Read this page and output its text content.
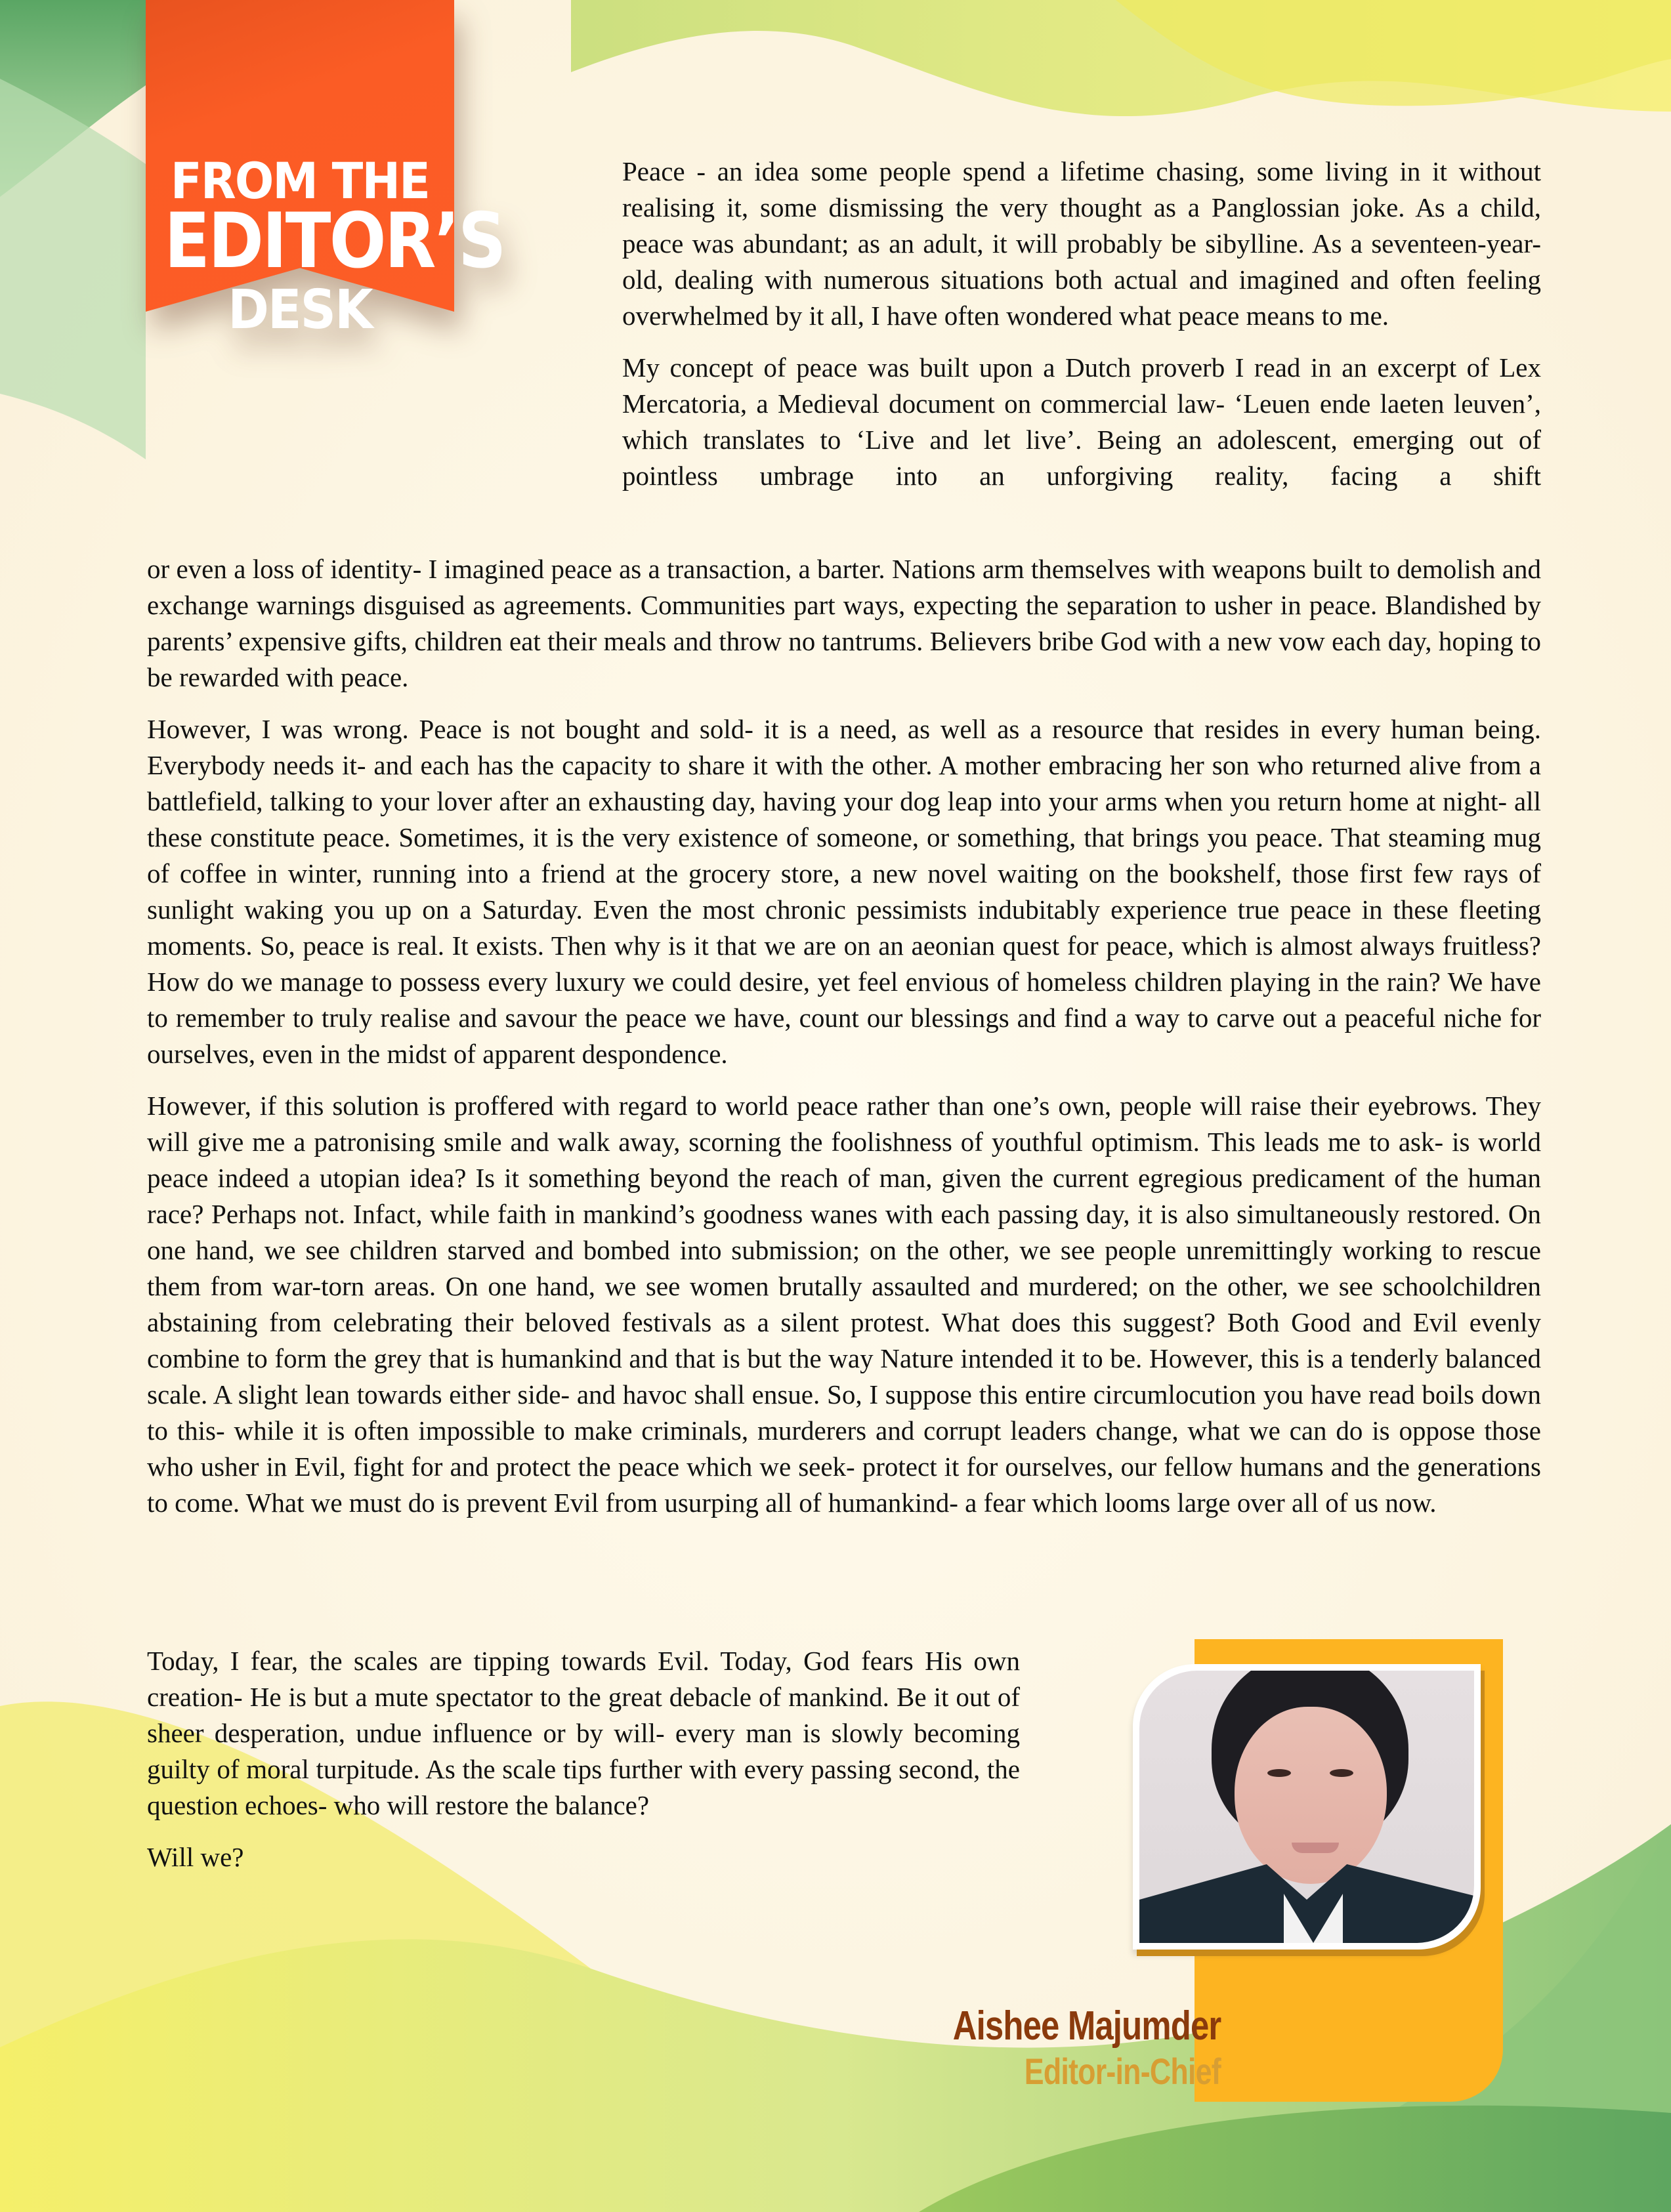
FROM THE
EDITOR’S
DESK

Peace - an idea some people spend a lifetime chasing, some living in it without realising it, some dismissing the very thought as a Panglossian joke. As a child, peace was abundant; as an adult, it will probably be sibylline. As a seventeen-year-old, dealing with numerous situations both actual and imagined and often feeling overwhelmed by it all, I have often wondered what peace means to me.

My concept of peace was built upon a Dutch proverb I read in an excerpt of Lex Mercatoria, a Medieval document on commercial law- ‘Leuen ende laeten leuven’, which translates to ‘Live and let live’. Being an adolescent, emerging out of pointless umbrage into an unforgiving reality, facing a shift

or even a loss of identity- I imagined peace as a transaction, a barter. Nations arm themselves with weapons built to demolish and exchange warnings disguised as agreements. Communities part ways, expecting the separation to usher in peace. Blandished by parents’ expensive gifts, children eat their meals and throw no tantrums. Believers bribe God with a new vow each day, hoping to be rewarded with peace.

However, I was wrong. Peace is not bought and sold- it is a need, as well as a resource that resides in every human being. Everybody needs it- and each has the capacity to share it with the other. A mother embracing her son who returned alive from a battlefield, talking to your lover after an exhausting day, having your dog leap into your arms when you return home at night- all these constitute peace. Sometimes, it is the very existence of someone, or something, that brings you peace. That steaming mug of coffee in winter, running into a friend at the grocery store, a new novel waiting on the bookshelf, those first few rays of sunlight waking you up on a Saturday. Even the most chronic pessimists indubitably experience true peace in these fleeting moments. So, peace is real. It exists. Then why is it that we are on an aeonian quest for peace, which is almost always fruitless? How do we manage to possess every luxury we could desire, yet feel envious of homeless children playing in the rain? We have to remember to truly realise and savour the peace we have, count our blessings and find a way to carve out a peaceful niche for ourselves, even in the midst of apparent despondence.

However, if this solution is proffered with regard to world peace rather than one’s own, people will raise their eyebrows. They will give me a patronising smile and walk away, scorning the foolishness of youthful optimism. This leads me to ask- is world peace indeed a utopian idea? Is it something beyond the reach of man, given the current egregious predicament of the human race? Perhaps not. Infact, while faith in mankind’s goodness wanes with each passing day, it is also simultaneously restored. On one hand, we see children starved and bombed into submission; on the other, we see people unremittingly working to rescue them from war-torn areas. On one hand, we see women brutally assaulted and murdered; on the other, we see schoolchildren abstaining from celebrating their beloved festivals as a silent protest. What does this suggest? Both Good and Evil evenly combine to form the grey that is humankind and that is but the way Nature intended it to be. However, this is a tenderly balanced scale. A slight lean towards either side- and havoc shall ensue. So, I suppose this entire circumlocution you have read boils down to this- while it is often impossible to make criminals, murderers and corrupt leaders change, what we can do is oppose those who usher in Evil, fight for and protect the peace which we seek- protect it for ourselves, our fellow humans and the generations to come. What we must do is prevent Evil from usurping all of humankind- a fear which looms large over all of us now.

Today, I fear, the scales are tipping towards Evil. Today, God fears His own creation- He is but a mute spectator to the great debacle of mankind. Be it out of sheer desperation, undue influence or by will- every man is slowly becoming guilty of moral turpitude. As the scale tips further with every passing second, the question echoes- who will restore the balance?

Will we?

Aishee Majumder
Editor-in-Chief
